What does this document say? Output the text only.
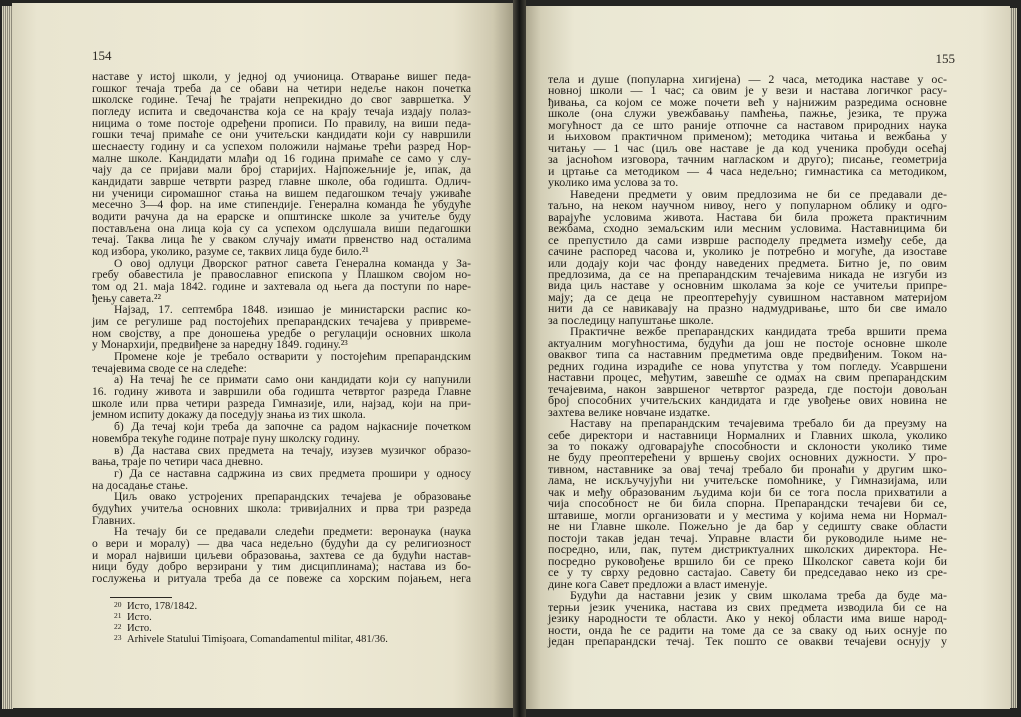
154
наставе у истој школи, у једној од учионица. Отварање вишег педа-
гошког течаја треба да се обави на четири недеље након почетка
школске године. Течај ће трајати непрекидно до свог завршетка. У
погледу испита и сведочанства која се на крају течаја издају полаз-
ницима о томе постоје одређени прописи. По правилу, на виши педа-
гошки течај примаће се они учитељски кандидати који су навршили
шеснаесту годину и са успехом положили најмање трећи разред Нор-
малне школе. Кандидати млађи од 16 година примаће се само у слу-
чају да се пријави мали број старијих. Најпожељније је, ипак, да
кандидати заврше четврти разред главне школе, оба годишта. Одлич-
ни ученици сиромашног стања на вишем педагошком течају уживаће
месечно 3—4 фор. на име стипендије. Генерална команда ће убудуће
водити рачуна да на ерарске и општинске школе за учитеље буду
постављена она лица која су са успехом одслушала виши педагошки
течај. Таква лица ће у сваком случају имати првенство над осталима
код избора, уколико, разуме се, таквих лица буде било.²¹
О овој одлуци Дворског ратног савета Генерална команда у За-
гребу обавестила је православног епископа у Плашком својом но-
том од 21. маја 1842. године и захтевала од њега да поступи по наре-
ђењу савета.²²
Најзад, 17. септембра 1848. изишао је министарски распис ко-
јим се регулише рад постојећих препарандских течајева у привреме-
ном својству, а пре доношења уредбе о регулацији основних школа
у Монархији, предвиђене за наредну 1849. годину.²³
Промене које је требало остварити у постојећим препарандским
течајевима своде се на следеће:
а) На течај ће се примати само они кандидати који су напунили
16. годину живота и завршили оба годишта четвртог разреда Главне
школе или прва четири разреда Гимназије, или, најзад, који на при-
јемном испиту докажу да поседују знања из тих школа.
б) Да течај који треба да започне са радом најкасније почетком
новембра текуће године потраје пуну школску годину.
в) Да настава свих предмета на течају, изузев музичког образо-
вања, траје по четири часа дневно.
г) Да се наставна садржина из свих предмета прошири у односу
на досадање стање.
Циљ овако устројених препарандских течајева је образовање
будућих учитеља основних школа: тривијалних и прва три разреда
Главних.
На течају би се предавали следећи предмети: веронаука (наука
о вери и моралу) — два часа недељно (будући да су религиозност
и морал највиши циљеви образовања, захтева се да будући настав-
ници буду добро верзирани у тим дисциплинама); настава из бо-
гослужења и ритуала треба да се повеже са хорским појањем, нега
20 Исто, 178/1842.
21 Исто.
22 Исто.
23 Arhivele Statului Timişoara, Comandamentul militar, 481/36.
155
тела и душе (популарна хигијена) — 2 часа, методика наставе у ос-
новној школи — 1 час; са овим је у вези и настава логичког расу-
ђивања, са којом се може почети већ у најнижим разредима основне
школе (она служи увежбавању памћења, пажње, језика, те пружа
могућност да се што раније отпочне са наставом природних наука
и њиховом практичном применом); методика читања и вежбања у
читању — 1 час (циљ ове наставе је да код ученика пробуди осећај
за јасноћом изговора, тачним нагласком и друго); писање, геометрија
и цртање са методиком — 4 часа недељно; гимнастика са методиком,
уколико има услова за то.
Наведени предмети у овим предлозима не би се предавали де-
таљно, на неком научном нивоу, него у популарном облику и одго-
варајуће условима живота. Настава би била прожета практичним
вежбама, сходно земаљским или месним условима. Наставницима би
се препустило да сами изврше расподелу предмета између себе, да
сачине распоред часова и, уколико је потребно и могуће, да изоставе
или додају који час фонду наведених предмета. Битно је, по овим
предлозима, да се на препарандским течајевима никада не изгуби из
вида циљ наставе у основним школама за које се учитељи припре-
мају; да се деца не преоптерећују сувишном наставном материјом
нити да се навикавају на празно надмудривање, што би све имало
за последицу напуштање школе.
Практичне вежбе препарандских кандидата треба вршити према
актуалним могућностима, будући да још не постоје основне школе
оваквог типа са наставним предметима овде предвиђеним. Током на-
редних година израдиће се нова упутства у том погледу. Усавршени
наставни процес, међутим, завешће се одмах на свим препарандским
течајевима, након завршеног четвртог разреда, где постоји довољан
број способних учитељских кандидата и где увођење ових новина не
захтева велике новчане издатке.
Наставу на препарандским течајевима требало би да преузму на
себе директори и наставници Нормалних и Главних школа, уколико
за то покажу одговарајуће способности и склоности уколико тиме
не буду преоптерећени у вршењу својих основних дужности. У про-
тивном, наставнике за овај течај требало би пронаћи у другим шко-
лама, не искључујући ни учитељске помоћнике, у Гимназијама, или
чак и међу образованим људима који би се тога посла прихватили а
чија способност не би била спорна. Препарандски течајеви би се,
штавише, могли организовати и у местима у којима нема ни Нормал-
не ни Главне школе. Пожељно је да бар у седишту сваке области
постоји такав један течај. Управне власти би руководиле њиме не-
посредно, или, пак, путем дистриктуалних школских директора. Не-
посредно руковођење вршило би се преко Школског савета који би
се у ту сврху редовно састајао. Савету би председавао неко из сре-
дине кога Савет предложи а власт именује.
Будући да наставни језик у свим школама треба да буде ма-
терњи језик ученика, настава из свих предмета изводила би се на
језику народности те области. Ако у некој области има више народ-
ности, онда ће се радити на томе да се за сваку од њих оснује по
један препарандски течај. Тек пошто се овакви течајеви оснују у
